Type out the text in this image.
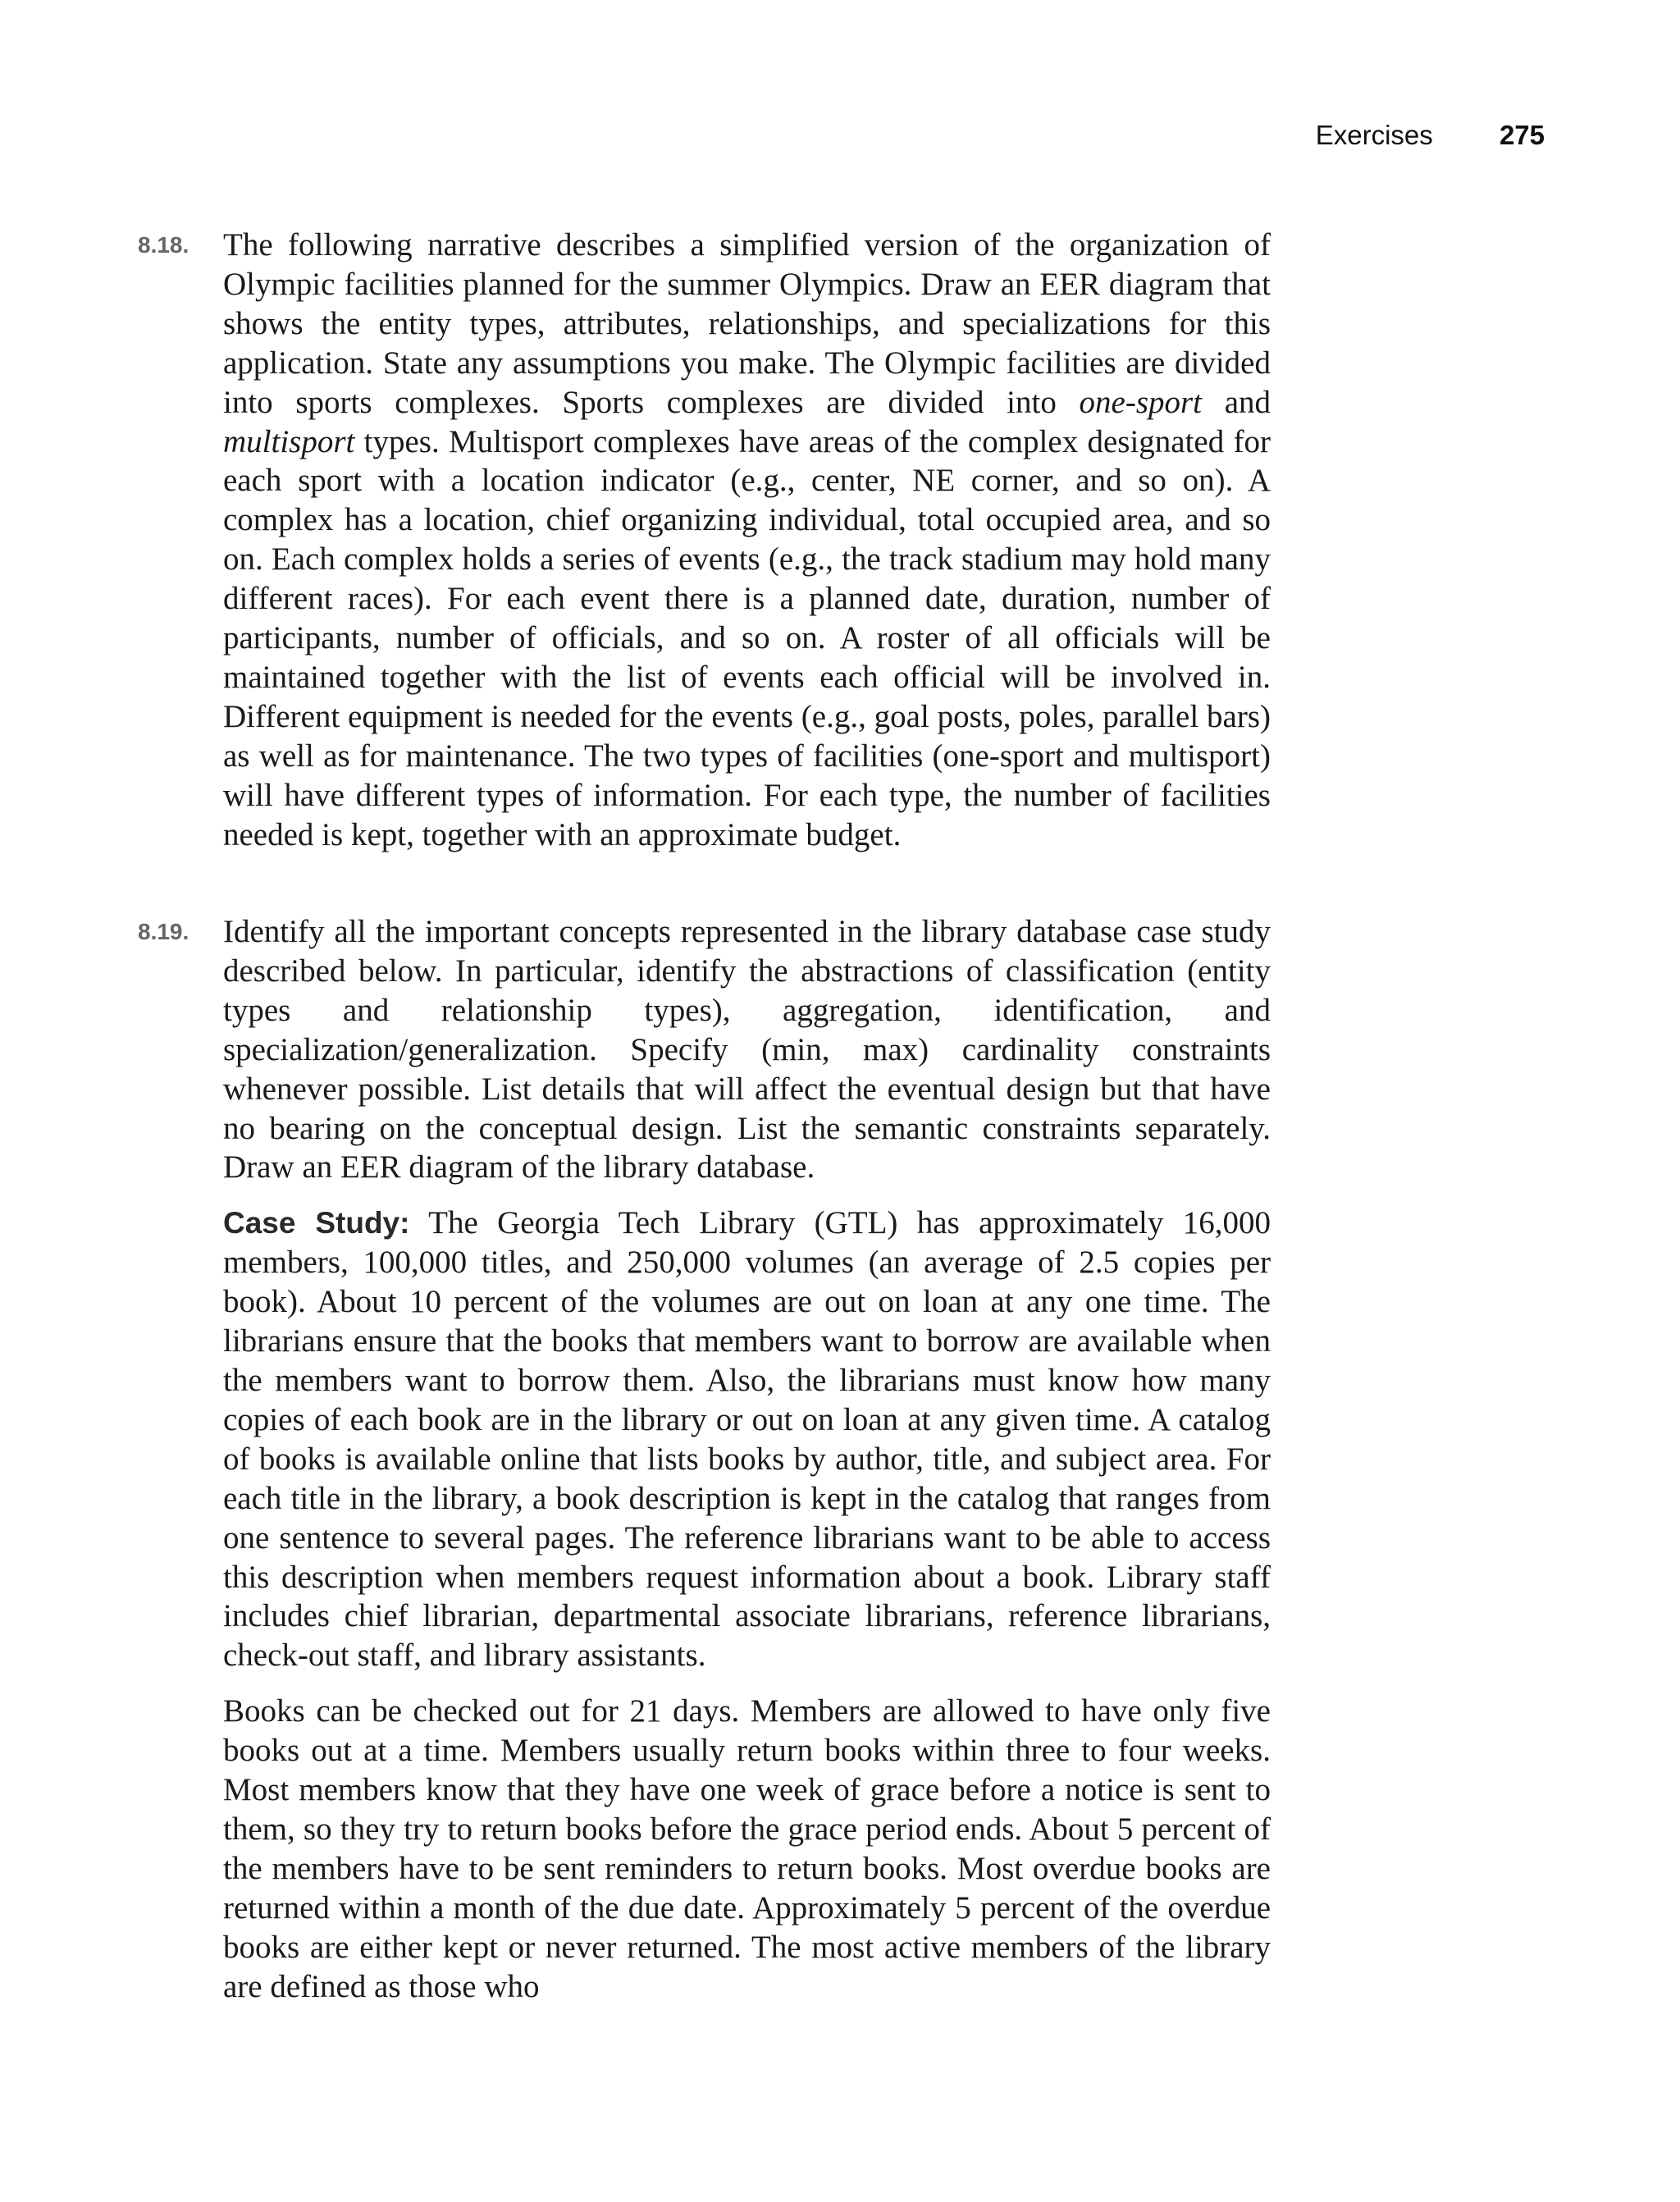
Exercises 275
8.18. The following narrative describes a simplified version of the organization of Olympic facilities planned for the summer Olympics. Draw an EER diagram that shows the entity types, attributes, relationships, and specializations for this application. State any assumptions you make. The Olympic facilities are divided into sports complexes. Sports complexes are divided into one-sport and multisport types. Multisport complexes have areas of the complex designated for each sport with a location indicator (e.g., center, NE corner, and so on). A complex has a location, chief organizing individual, total occupied area, and so on. Each complex holds a series of events (e.g., the track stadium may hold many different races). For each event there is a planned date, duration, number of participants, number of officials, and so on. A roster of all officials will be maintained together with the list of events each official will be involved in. Different equipment is needed for the events (e.g., goal posts, poles, parallel bars) as well as for maintenance. The two types of facilities (one-sport and multisport) will have different types of information. For each type, the number of facilities needed is kept, together with an approximate budget.

8.19. Identify all the important concepts represented in the library database case study described below. In particular, identify the abstractions of classification (entity types and relationship types), aggregation, identification, and specialization/generalization. Specify (min, max) cardinality constraints whenever possible. List details that will affect the eventual design but that have no bearing on the conceptual design. List the semantic constraints separately. Draw an EER diagram of the library database.

Case Study: The Georgia Tech Library (GTL) has approximately 16,000 members, 100,000 titles, and 250,000 volumes (an average of 2.5 copies per book). About 10 percent of the volumes are out on loan at any one time. The librarians ensure that the books that members want to borrow are available when the members want to borrow them. Also, the librarians must know how many copies of each book are in the library or out on loan at any given time. A catalog of books is available online that lists books by author, title, and subject area. For each title in the library, a book description is kept in the catalog that ranges from one sentence to several pages. The reference librarians want to be able to access this description when members request information about a book. Library staff includes chief librarian, departmental associate librarians, reference librarians, check-out staff, and library assistants.

Books can be checked out for 21 days. Members are allowed to have only five books out at a time. Members usually return books within three to four weeks. Most members know that they have one week of grace before a notice is sent to them, so they try to return books before the grace period ends. About 5 percent of the members have to be sent reminders to return books. Most overdue books are returned within a month of the due date. Approximately 5 percent of the overdue books are either kept or never returned. The most active members of the library are defined as those who
